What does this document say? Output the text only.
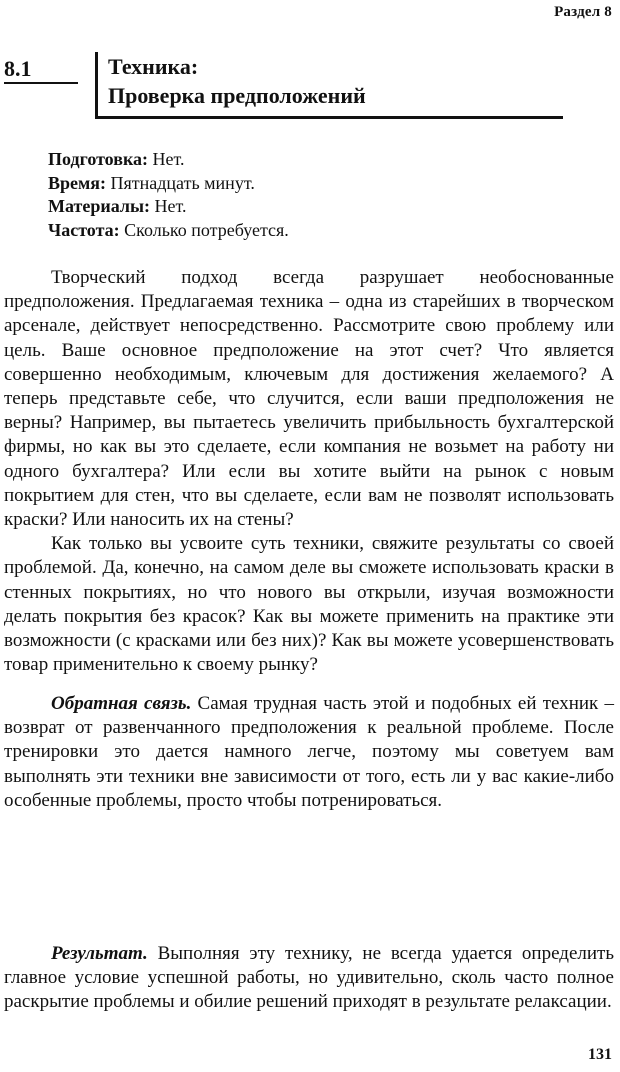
Раздел 8
8.1	Техника:
Проверка предположений
Подготовка: Нет.
Время: Пятнадцать минут.
Материалы: Нет.
Частота: Сколько потребуется.

Творческий подход всегда разрушает необоснованные предположения. Предлагаемая техника – одна из старейших в творческом арсенале, действует непосредственно. Рассмотрите свою проблему или цель. Ваше основное предположение на этот счет? Что является совершенно необходимым, ключевым для достижения желаемого? А теперь представьте себе, что случится, если ваши предположения не верны? Например, вы пытаетесь увеличить прибыльность бухгалтерской фирмы, но как вы это сделаете, если компания не возьмет на работу ни одного бухгалтера? Или если вы хотите выйти на рынок с новым покрытием для стен, что вы сделаете, если вам не позволят использовать краски? Или наносить их на стены?

Как только вы усвоите суть техники, свяжите результаты со своей проблемой. Да, конечно, на самом деле вы сможете использовать краски в стенных покрытиях, но что нового вы открыли, изучая возможности делать покрытия без красок? Как вы можете применить на практике эти возможности (с красками или без них)? Как вы можете усовершенствовать товар применительно к своему рынку?

Обратная связь. Самая трудная часть этой и подобных ей техник –возврат от развенчанного предположения к реальной проблеме. После тренировки это дается намного легче, поэтому мы советуем вам выполнять эти техники вне зависимости от того, есть ли у вас какие-либо особенные проблемы, просто чтобы потренироваться.

Результат. Выполняя эту технику, не всегда удается определить главное условие успешной работы, но удивительно, сколь часто полное раскрытие проблемы и обилие решений приходят в результате релаксации.

131
